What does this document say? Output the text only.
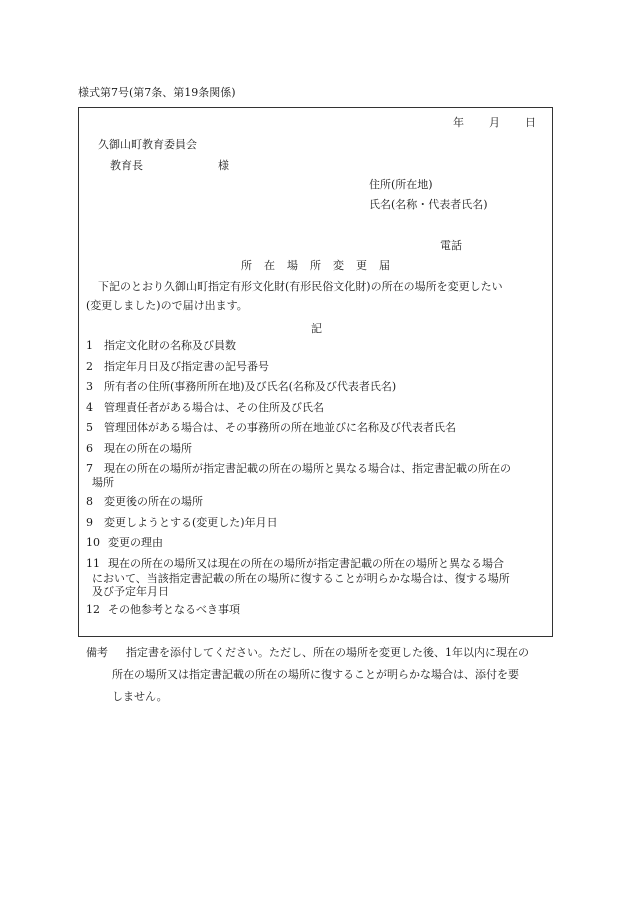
様式第7号(第7条、第19条関係)
年 月 日
久御山町教育委員会
教育長	様
住所(所在地)
氏名(名称・代表者氏名)
電話
所在場所変更届
下記のとおり久御山町指定有形文化財(有形民俗文化財)の所在の場所を変更したい
(変更しました)ので届け出ます。
記
1 指定文化財の名称及び員数
2 指定年月日及び指定書の記号番号
3 所有者の住所(事務所所在地)及び氏名(名称及び代表者氏名)
4 管理責任者がある場合は、その住所及び氏名
5 管理団体がある場合は、その事務所の所在地並びに名称及び代表者氏名
6 現在の所在の場所
7 現在の所在の場所が指定書記載の所在の場所と異なる場合は、指定書記載の所在の
場所
8 変更後の所在の場所
9 変更しようとする(変更した)年月日
10 変更の理由
11 現在の所在の場所又は現在の所在の場所が指定書記載の所在の場所と異なる場合
において、当該指定書記載の所在の場所に復することが明らかな場合は、復する場所
及び予定年月日
12 その他参考となるべき事項
備考 指定書を添付してください。ただし、所在の場所を変更した後、1年以内に現在の
所在の場所又は指定書記載の所在の場所に復することが明らかな場合は、添付を要
しません。
